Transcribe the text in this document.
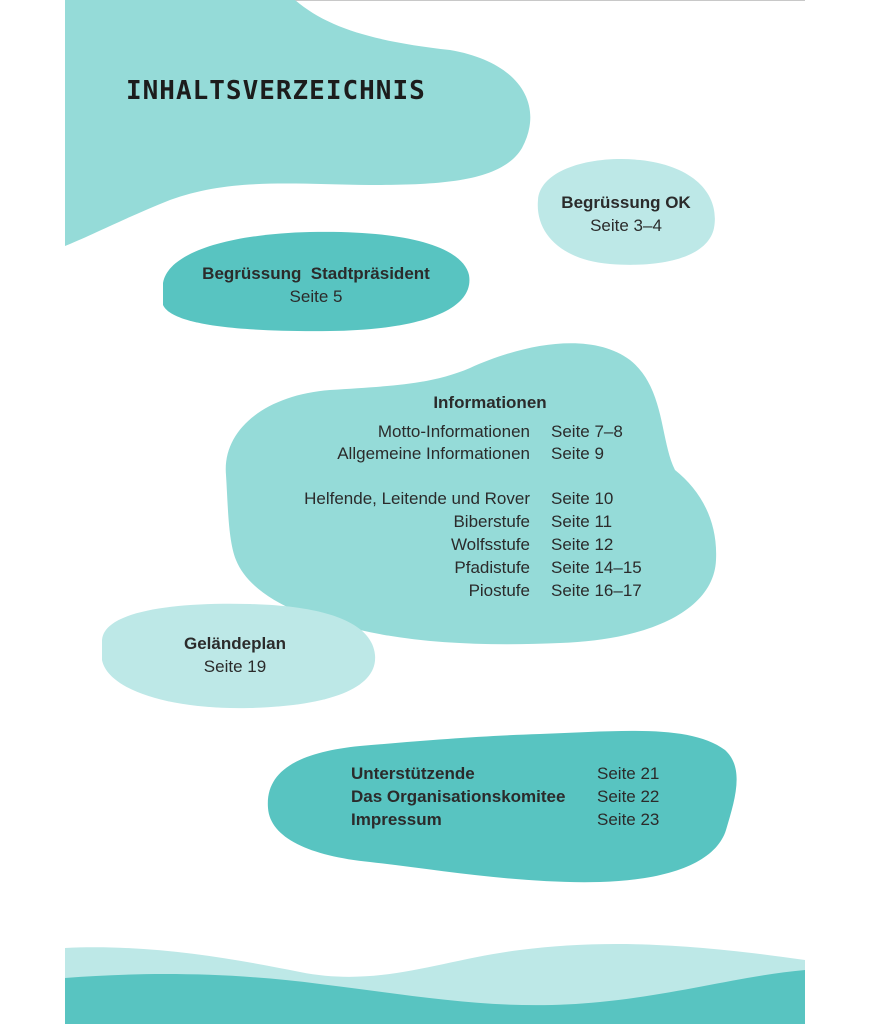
INHALTSVERZEICHNIS
Begrüssung OK
Seite 3–4
Begrüssung  Stadtpräsident
Seite 5
Informationen
Motto-Informationen Seite 7–8
Allgemeine Informationen Seite 9
Helfende, Leitende und Rover Seite 10
Biberstufe Seite 11
Wolfsstufe Seite 12
Pfadistufe Seite 14–15
Piostufe Seite 16–17
Geländeplan
Seite 19
Unterstützende	Seite 21
Das Organisationskomitee Seite 22
Impressum	Seite 23
